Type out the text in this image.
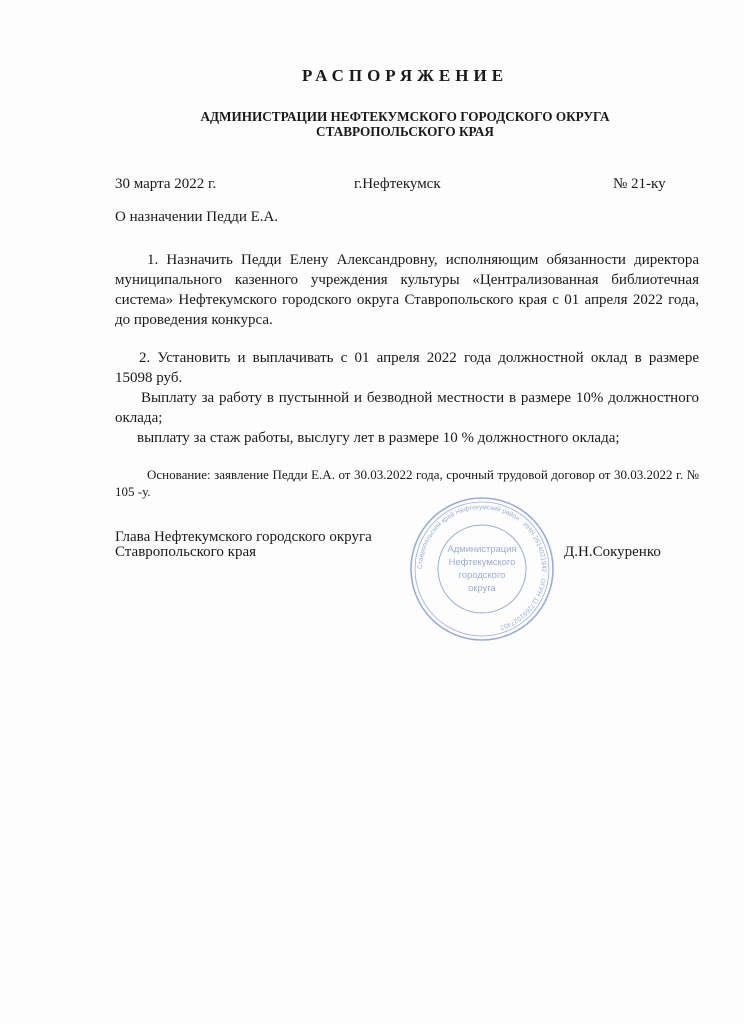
РАСПОРЯЖЕНИЕ
АДМИНИСТРАЦИИ НЕФТЕКУМСКОГО ГОРОДСКОГО ОКРУГА
СТАВРОПОЛЬСКОГО КРАЯ
30 марта 2022 г.	г.Нефтекумск	№ 21-ку
О назначении Педди Е.А.

1. Назначить Педди Елену Александровну, исполняющим обязанности директора муниципального казенного учреждения культуры «Централизованная библиотечная система» Нефтекумского городского округа Ставропольского края с 01 апреля 2022 года, до проведения конкурса.

2. Установить и выплачивать с 01 апреля 2022 года должностной оклад в размере 15098 руб.

Выплату за работу в пустынной и безводной местности в размере 10% должностного оклада;

выплату за стаж работы, выслугу лет в размере 10 % должностного оклада;

Основание: заявление Педди Е.А. от 30.03.2022 года, срочный трудовой договор от 30.03.2022 г. № 105 -у.

Глава Нефтекумского городского округа
Ставропольского края	Д.Н.Сокуренко
Ставропольский край Нефтекумский район · ИНН 2614021942 · ОГРН 1172651027452
Администрация
Нефтекумского
городского
округа
